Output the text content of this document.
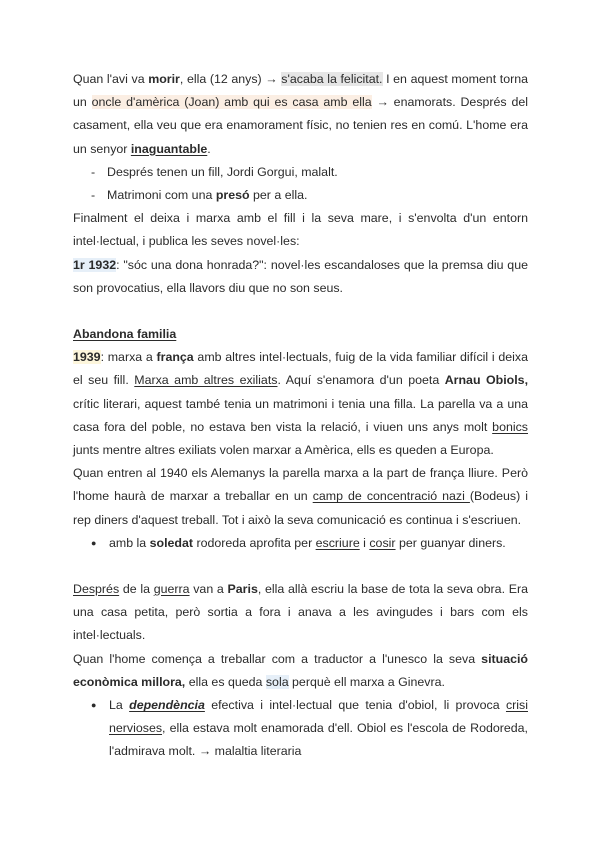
Quan l'avi va morir, ella (12 anys) → s'acaba la felicitat. I en aquest moment torna un oncle d'amèrica (Joan) amb qui es casa amb ella → enamorats. Després del casament, ella veu que era enamorament físic, no tenien res en comú. L'home era un senyor inaguantable.

- Després tenen un fill, Jordi Gorgui, malalt.
- Matrimoni com una presó per a ella.

Finalment el deixa i marxa amb el fill i la seva mare, i s'envolta d'un entorn intel·lectual, i publica les seves novel·les:

1r 1932: "sóc una dona honrada?": novel·les escandaloses que la premsa diu que son provocatius, ella llavors diu que no son seus.

Abandona familia

1939: marxa a frança amb altres intel·lectuals, fuig de la vida familiar difícil i deixa el seu fill. Marxa amb altres exiliats. Aquí s'enamora d'un poeta Arnau Obiols, crític literari, aquest també tenia un matrimoni i tenia una filla. La parella va a una casa fora del poble, no estava ben vista la relació, i viuen uns anys molt bonics junts mentre altres exiliats volen marxar a Amèrica, ells es queden a Europa.

Quan entren al 1940 els Alemanys la parella marxa a la part de frança lliure. Però l'home haurà de marxar a treballar en un camp de concentració nazi (Bodeus) i rep diners d'aquest treball. Tot i això la seva comunicació es continua i s'escriuen.

● amb la soledat rodoreda aprofita per escriure i cosir per guanyar diners.

Després de la guerra van a Paris, ella allà escriu la base de tota la seva obra. Era una casa petita, però sortia a fora i anava a les avingudes i bars com els intel·lectuals.

Quan l'home comença a treballar com a traductor a l'unesco la seva situació econòmica millora, ella es queda sola perquè ell marxa a Ginevra.

● La dependència efectiva i intel·lectual que tenia d'obiol, li provoca crisi nervioses, ella estava molt enamorada d'ell. Obiol es l'escola de Rodoreda, l'admirava molt. → malaltia literaria
